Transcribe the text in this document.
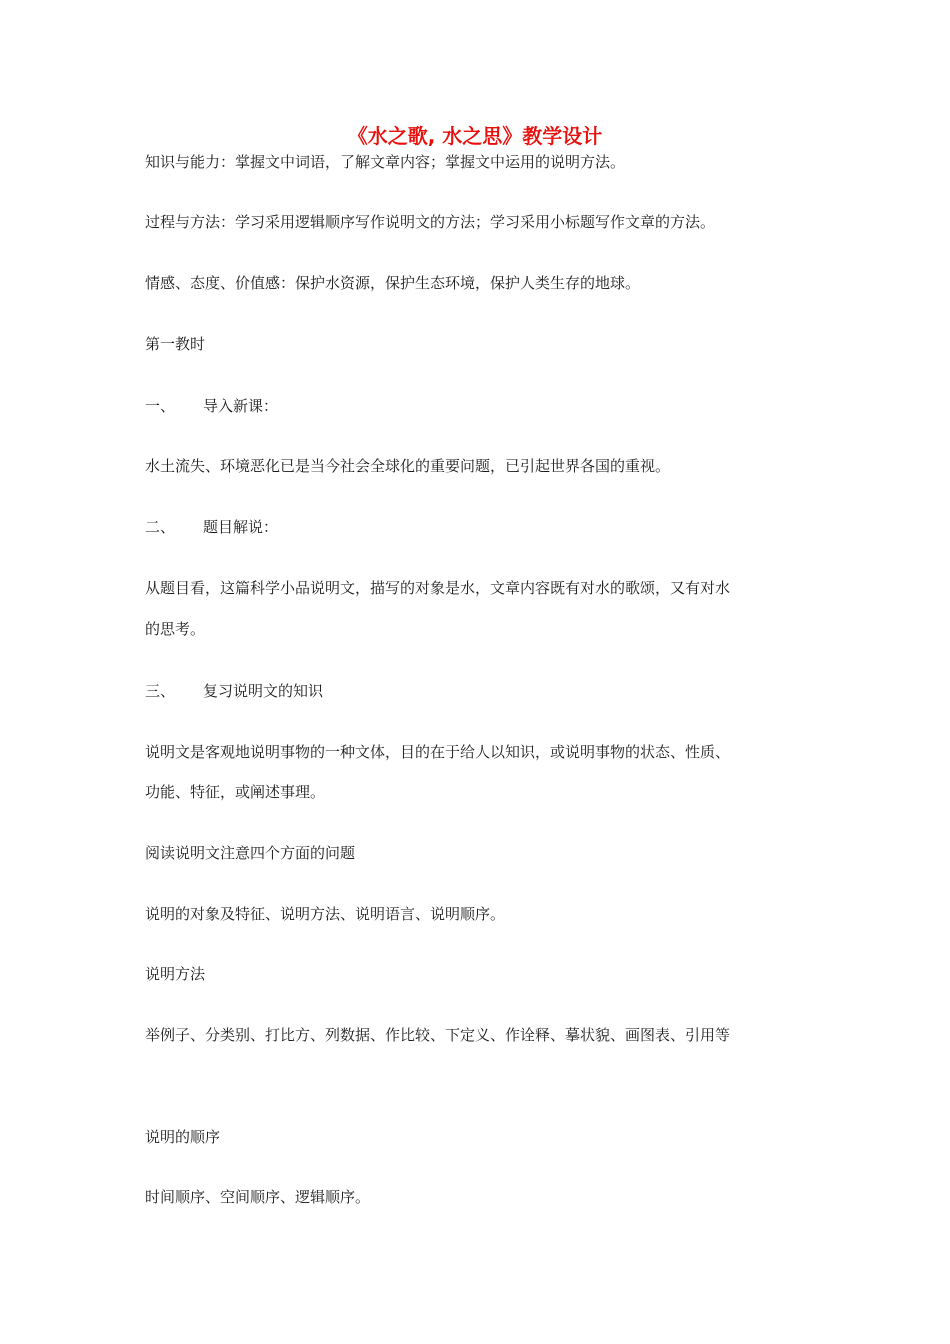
《水之歌, 水之思》教学设计
知识与能力：掌握文中词语，了解文章内容；掌握文中运用的说明方法。
过程与方法：学习采用逻辑顺序写作说明文的方法；学习采用小标题写作文章的方法。
情感、态度、价值感：保护水资源，保护生态环境，保护人类生存的地球。
第一教时
一、 导入新课：
水土流失、环境恶化已是当今社会全球化的重要问题，已引起世界各国的重视。
二、 题目解说：
从题目看，这篇科学小品说明文，描写的对象是水，文章内容既有对水的歌颂，又有对水
的思考。
三、 复习说明文的知识
说明文是客观地说明事物的一种文体，目的在于给人以知识，或说明事物的状态、性质、
功能、特征，或阐述事理。
阅读说明文注意四个方面的问题
说明的对象及特征、说明方法、说明语言、说明顺序。
说明方法
举例子、分类别、打比方、列数据、作比较、下定义、作诠释、摹状貌、画图表、引用等
说明的顺序
时间顺序、空间顺序、逻辑顺序。
